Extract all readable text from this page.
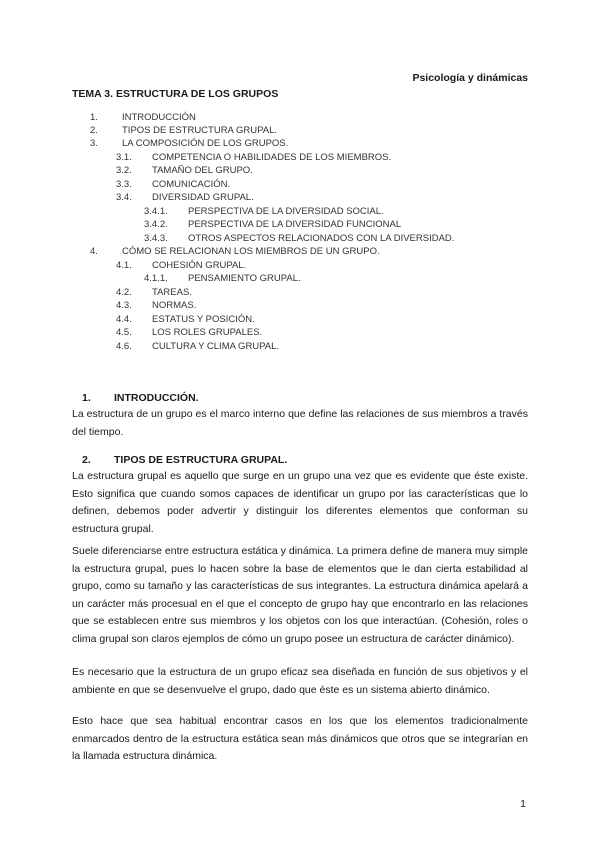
Psicología y dinámicas
TEMA 3. ESTRUCTURA DE LOS GRUPOS
1.	INTRODUCCIÓN
2.	TIPOS DE ESTRUCTURA GRUPAL.
3.	LA COMPOSICIÓN DE LOS GRUPOS.
3.1. COMPETENCIA O HABILIDADES DE LOS MIEMBROS.
3.2. TAMAÑO DEL GRUPO.
3.3. COMUNICACIÓN.
3.4. DIVERSIDAD GRUPAL.
3.4.1. PERSPECTIVA DE LA DIVERSIDAD SOCIAL.
3.4.2. PERSPECTIVA DE LA DIVERSIDAD FUNCIONAL
3.4.3. OTROS ASPECTOS RELACIONADOS CON LA DIVERSIDAD.
4.	CÓMO SE RELACIONAN LOS MIEMBROS DE UN GRUPO.
4.1. COHESIÓN GRUPAL.
4.1.1. PENSAMIENTO GRUPAL.
4.2. TAREAS.
4.3. NORMAS.
4.4. ESTATUS Y POSICIÓN.
4.5. LOS ROLES GRUPALES.
4.6. CULTURA Y CLIMA GRUPAL.
1. INTRODUCCIÓN.
La estructura de un grupo es el marco interno que define las relaciones de sus miembros a través del tiempo.
2. TIPOS DE ESTRUCTURA GRUPAL.
La estructura grupal es aquello que surge en un grupo una vez que es evidente que éste existe. Esto significa que cuando somos capaces de identificar un grupo por las características que lo definen, debemos poder advertir y distinguir los diferentes elementos que conforman su estructura grupal.
Suele diferenciarse entre estructura estática y dinámica. La primera define de manera muy simple la estructura grupal, pues lo hacen sobre la base de elementos que le dan cierta estabilidad al grupo, como su tamaño y las características de sus integrantes. La estructura dinámica apelará a un carácter más procesual en el que el concepto de grupo hay que encontrarlo en las relaciones que se establecen entre sus miembros y los objetos con los que interactúan. (Cohesión, roles o clima grupal son claros ejemplos de cómo un grupo posee un estructura de carácter dinámico).
Es necesario que la estructura de un grupo eficaz sea diseñada en función de sus objetivos y el ambiente en que se desenvuelve el grupo, dado que éste es un sistema abierto dinámico.
Esto hace que sea habitual encontrar casos en los que los elementos tradicionalmente enmarcados dentro de la estructura estática sean más dinámicos que otros que se integrarían en la llamada estructura dinámica.
1
